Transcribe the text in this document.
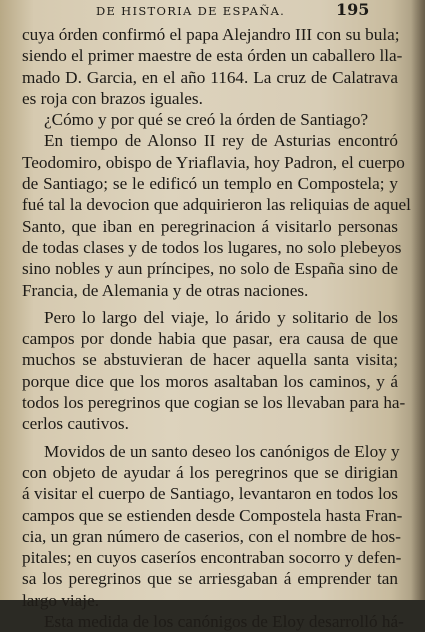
DE HISTORIA DE ESPAÑA.	195
cuya órden confirmó el papa Alejandro III con su bula;
siendo el primer maestre de esta órden un caballero lla-
mado D. Garcia, en el año 1164. La cruz de Calatrava
es roja con brazos iguales.
¿Cómo y por qué se creó la órden de Santiago?
En tiempo de Alonso II rey de Asturias encontró
Teodomiro, obispo de Yriaflavia, hoy Padron, el cuerpo
de Santiago; se le edificó un templo en Compostela; y
fué tal la devocion que adquirieron las reliquias de aquel
Santo, que iban en peregrinacion á visitarlo personas
de todas clases y de todos los lugares, no solo plebeyos
sino nobles y aun príncipes, no solo de España sino de
Francia, de Alemania y de otras naciones.
Pero lo largo del viaje, lo árido y solitario de los
campos por donde habia que pasar, era causa de que
muchos se abstuvieran de hacer aquella santa visita;
porque dice que los moros asaltaban los caminos, y á
todos los peregrinos que cogian se los llevaban para ha-
cerlos cautivos.
Movidos de un santo deseo los canónigos de Eloy y
con objeto de ayudar á los peregrinos que se dirigian
á visitar el cuerpo de Santiago, levantaron en todos los
campos que se estienden desde Compostela hasta Fran-
cia, un gran número de caserios, con el nombre de hos-
pitales; en cuyos caseríos encontraban socorro y defen-
sa los peregrinos que se arriesgaban á emprender tan
largo viaje.
Esta medida de los canónigos de Eloy desarrolló há-
